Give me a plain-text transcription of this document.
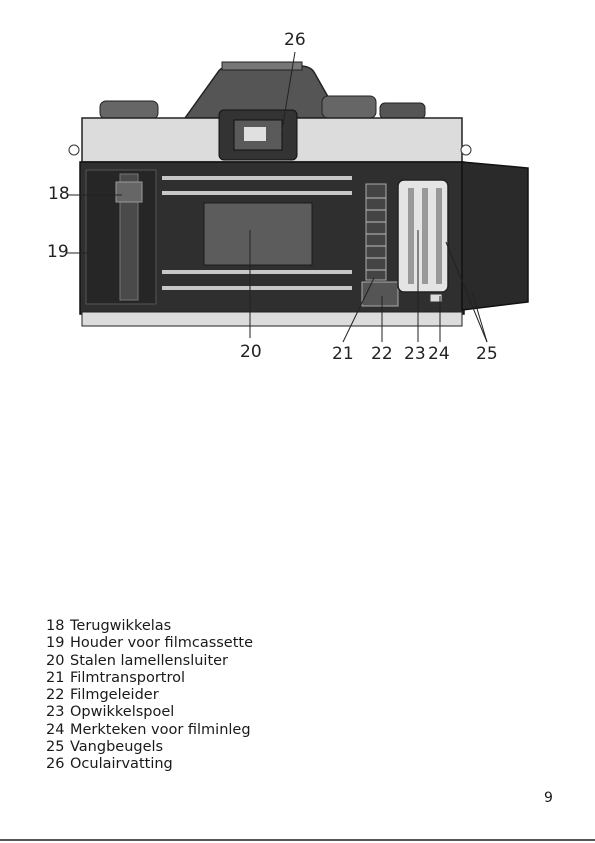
26
18
19
20	21 22 23 24 25
18 Terugwikkelas
19 Houder voor filmcassette
20 Stalen lamellensluiter
21 Filmtransportrol
22 Filmgeleider
23 Opwikkelspoel
24 Merkteken voor filminleg
25 Vangbeugels
26 Oculairvatting
9
